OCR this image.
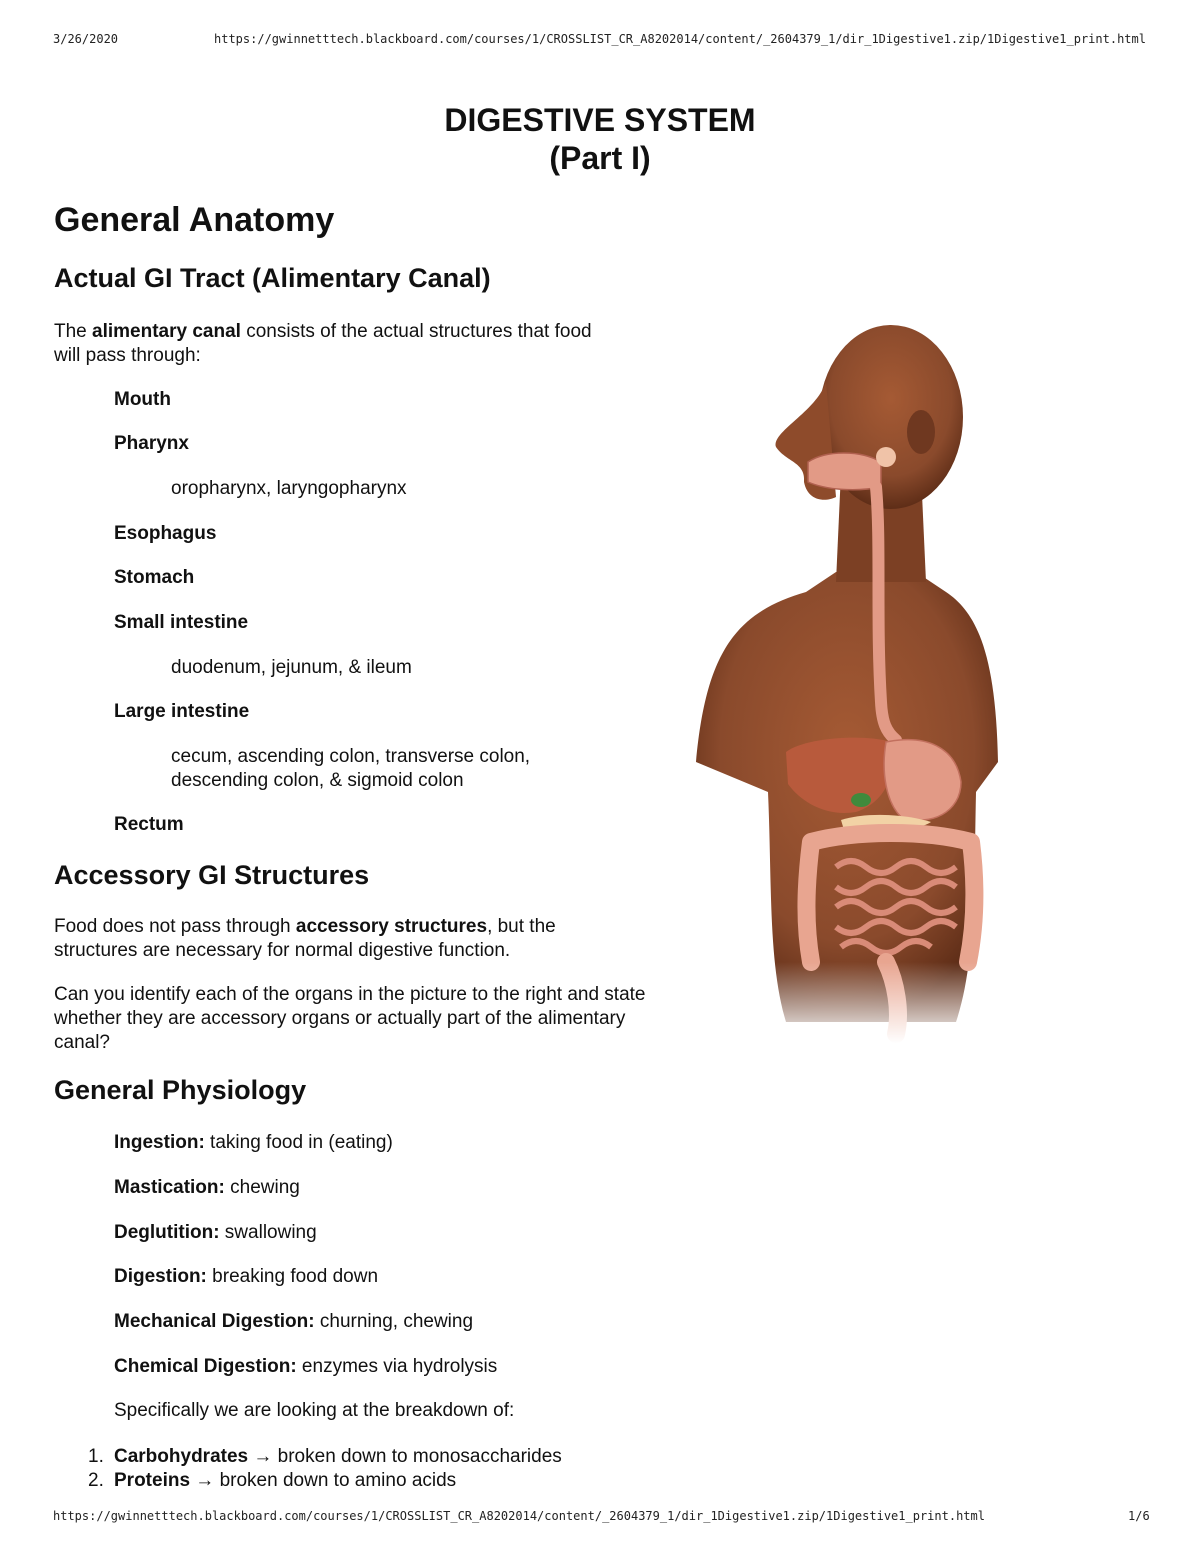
3/26/2020	https://gwinnetttech.blackboard.com/courses/1/CROSSLIST_CR_A8202014/content/_2604379_1/dir_1Digestive1.zip/1Digestive1_print.html
DIGESTIVE SYSTEM
(Part I)
General Anatomy
Actual GI Tract (Alimentary Canal)

The alimentary canal consists of the actual structures that food will pass through:

Mouth

Pharynx

oropharynx, laryngopharynx

Esophagus

Stomach

Small intestine

duodenum, jejunum, & ileum

Large intestine

cecum, ascending colon, transverse colon,

descending colon, & sigmoid colon

Rectum

Accessory GI Structures

Food does not pass through accessory structures, but the structures are necessary for normal digestive function.

Can you identify each of the organs in the picture to the right and state whether they are accessory organs or actually part of the alimentary canal?

General Physiology

Ingestion: taking food in (eating)

Mastication: chewing

Deglutition: swallowing

Digestion: breaking food down

Mechanical Digestion: churning, chewing

Chemical Digestion: enzymes via hydrolysis

Specifically we are looking at the breakdown of:

1. Carbohydrates → broken down to monosaccharides
2. Proteins → broken down to amino acids
https://gwinnetttech.blackboard.com/courses/1/CROSSLIST_CR_A8202014/content/_2604379_1/dir_1Digestive1.zip/1Digestive1_print.html	1/6
